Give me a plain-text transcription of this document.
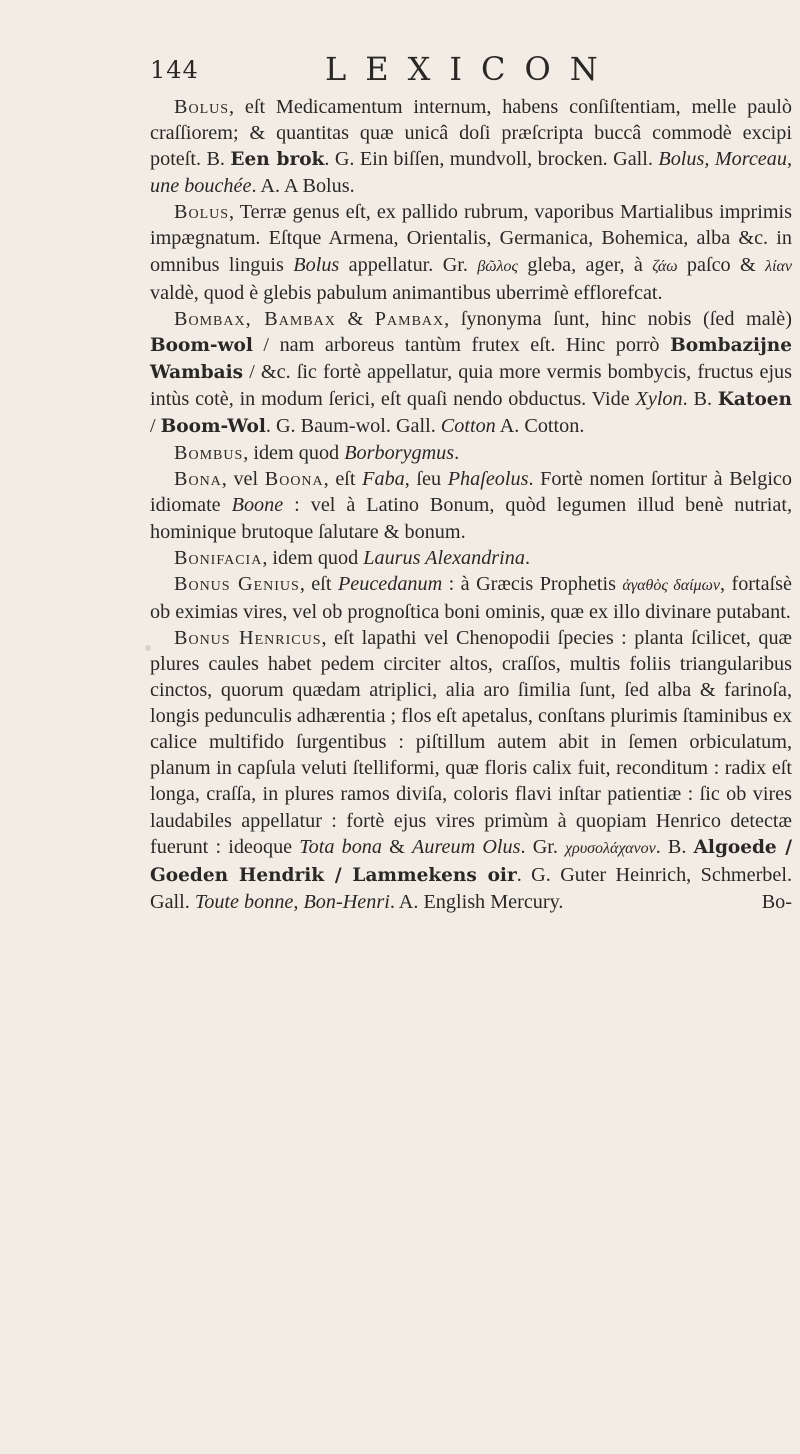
144	LEXICON

Bolus, eſt Medicamentum internum, habens conſiſtentiam, melle paulò craſſiorem; & quantitas quæ unicâ doſi præſcripta buccâ commodè excipi poteſt. B. Een brok. G. Ein biſſen, mundvoll, brocken. Gall. Bolus, Morceau, une bouchée. A. A Bolus.

Bolus, Terræ genus eſt, ex pallido rubrum, vaporibus Martialibus imprimis impægnatum. Eſtque Armena, Orientalis, Germanica, Bohemica, alba &c. in omnibus linguis Bolus appellatur. Gr. βῶλος gleba, ager, à ζάω paſco & λίαν valdè, quod è glebis pabulum animantibus uberrimè efflorefcat.

Bombax, Bambax & Pambax, ſynonyma ſunt, hinc nobis (ſed malè) Boom-wol / nam arboreus tantùm frutex eſt. Hinc porrò Bombazijne Wambais / &c. ſic fortè appellatur, quia more vermis bombycis, fructus ejus intùs cotè, in modum ſerici, eſt quaſi nendo obductus. Vide Xylon. B. Katoen / Boom-Wol. G. Baum-wol. Gall. Cotton A. Cotton.

Bombus, idem quod Borborygmus.

Bona, vel Boona, eſt Faba, ſeu Phaſeolus. Fortè nomen ſortitur à Belgico idiomate Boone : vel à Latino Bonum, quòd legumen illud benè nutriat, hominique brutoque ſalutare & bonum.

Bonifacia, idem quod Laurus Alexandrina.

Bonus Genius, eſt Peucedanum : à Græcis Prophetis ἀγαθὸς δαίμων, fortaſsè ob eximias vires, vel ob prognoſtica boni ominis, quæ ex illo divinare putabant.

Bonus Henricus, eſt lapathi vel Chenopodii ſpecies : planta ſcilicet, quæ plures caules habet pedem circiter altos, craſſos, multis foliis triangularibus cinctos, quorum quædam atriplici, alia aro ſimilia ſunt, ſed alba & farinoſa, longis pedunculis adhærentia ; flos eſt apetalus, conſtans plurimis ſtaminibus ex calice multifido ſurgentibus : piſtillum autem abit in ſemen orbiculatum, planum in capſula veluti ſtelliformi, quæ floris calix fuit, reconditum : radix eſt longa, craſſa, in plures ramos diviſa, coloris flavi inſtar patientiæ : ſic ob vires laudabiles appellatur : fortè ejus vires primùm à quopiam Henrico detectæ fuerunt : ideoque Tota bona & Aureum Olus. Gr. χρυσολάχανον. B. Algoede / Goeden Hendrik / Lammekens oir. G. Guter Heinrich, Schmerbel. Gall. Toute bonne, Bon-Henri. A. English Mercury.	Bo-
